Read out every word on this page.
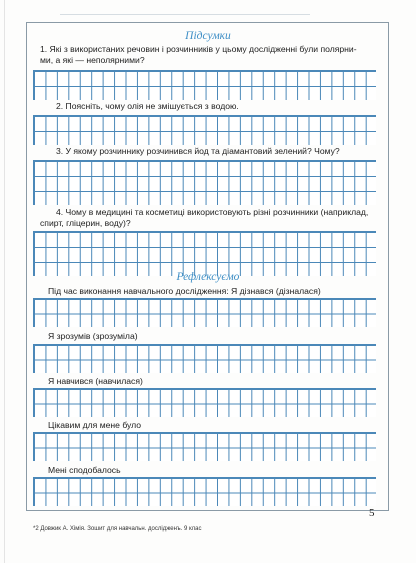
Підсумки
1. Які з використаних речовин і розчинників у цьому дослідженні були полярни-
ми, а які — неполярними?
2. Поясніть, чому олія не змішується з водою.
3. У якому розчиннику розчинився йод та діамантовий зелений? Чому?
4. Чому в медицині та косметиці використовують різні розчинники (наприклад,
спирт, гліцерин, воду)?
Рефлексуємо
Під час виконання навчального дослідження: Я дізнався (дізналася)
Я зрозумів (зрозуміла)
Я навчився (навчилася)
Цікавим для мене було
Мені сподобалось
5
*2 Довжик А. Хімія. Зошит для навчальн. дослідженъ. 9 клас
